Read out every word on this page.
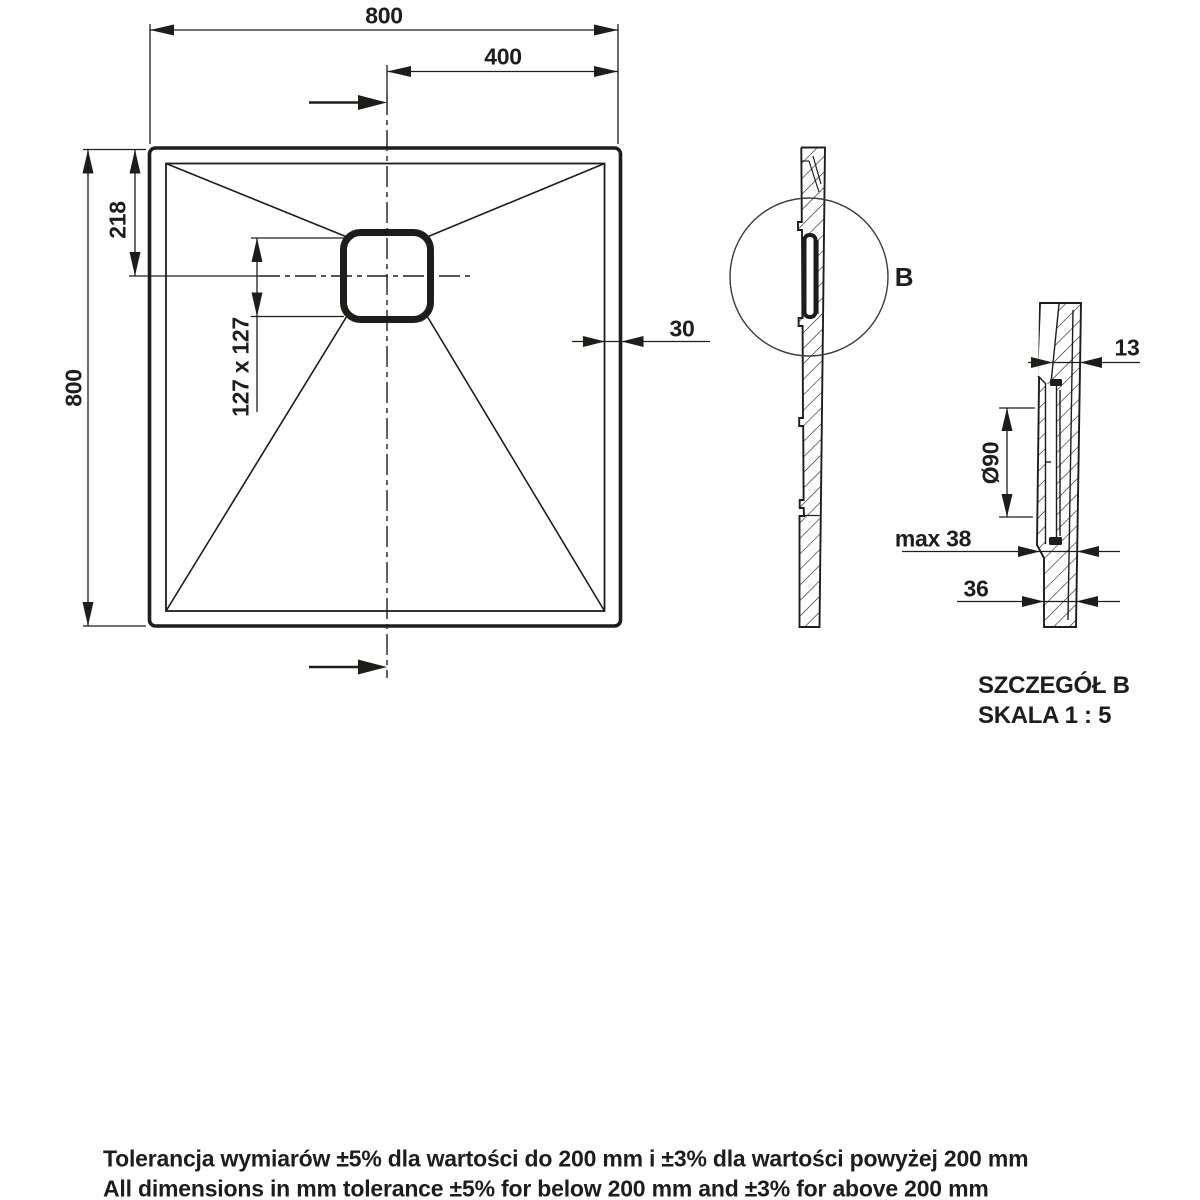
800
400
800
218
127 x 127	30
B
13
Ø90
max 38
36
SZCZEGÓŁ B
SKALA 1 : 5
Tolerancja wymiarów ±5% dla wartości do 200 mm i ±3% dla wartości powyżej 200 mm
All dimensions in mm tolerance ±5% for below 200 mm and ±3% for above 200 mm
